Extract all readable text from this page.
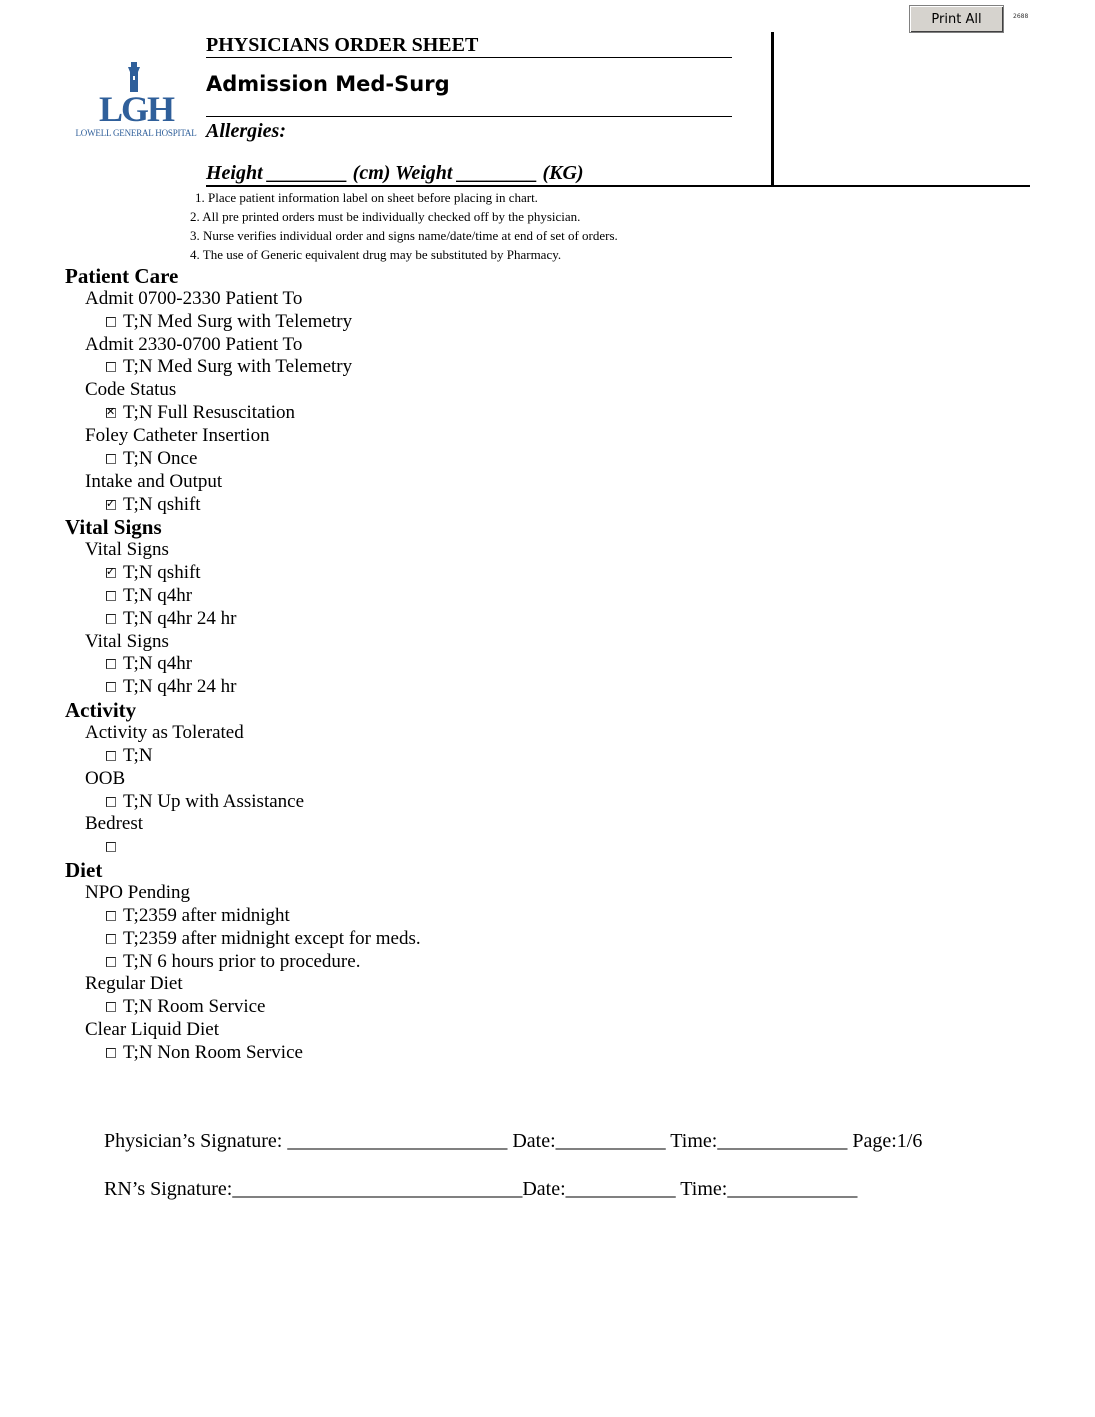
Print All	2688
LGH
LOWELL GENERAL HOSPITAL
PHYSICIANS ORDER SHEET
Admission Med-Surg
Allergies:
Height ________ (cm) Weight ________ (KG)
1. Place patient information label on sheet before placing in chart.
2. All pre printed orders must be individually checked off by the physician.
3. Nurse verifies individual order and signs name/date/time at end of set of orders.
4. The use of Generic equivalent drug may be substituted by Pharmacy.
Patient Care
Admit 0700-2330 Patient To
T;N Med Surg with Telemetry
Admit 2330-0700 Patient To
T;N Med Surg with Telemetry
Code Status
✕ T;N Full Resuscitation
Foley Catheter Insertion
T;N Once
Intake and Output
✓ T;N qshift
Vital Signs
Vital Signs
✓ T;N qshift
T;N q4hr
T;N q4hr 24 hr
Vital Signs
T;N q4hr
T;N q4hr 24 hr
Activity
Activity as Tolerated
T;N
OOB
T;N Up with Assistance
Bedrest
Diet
NPO Pending
T;2359 after midnight
T;2359 after midnight except for meds.
T;N 6 hours prior to procedure.
Regular Diet
T;N Room Service
Clear Liquid Diet
T;N Non Room Service
Physician’s Signature: ______________________ Date:___________ Time:_____________ Page:1/6
RN’s Signature:_____________________________Date:___________ Time:_____________
